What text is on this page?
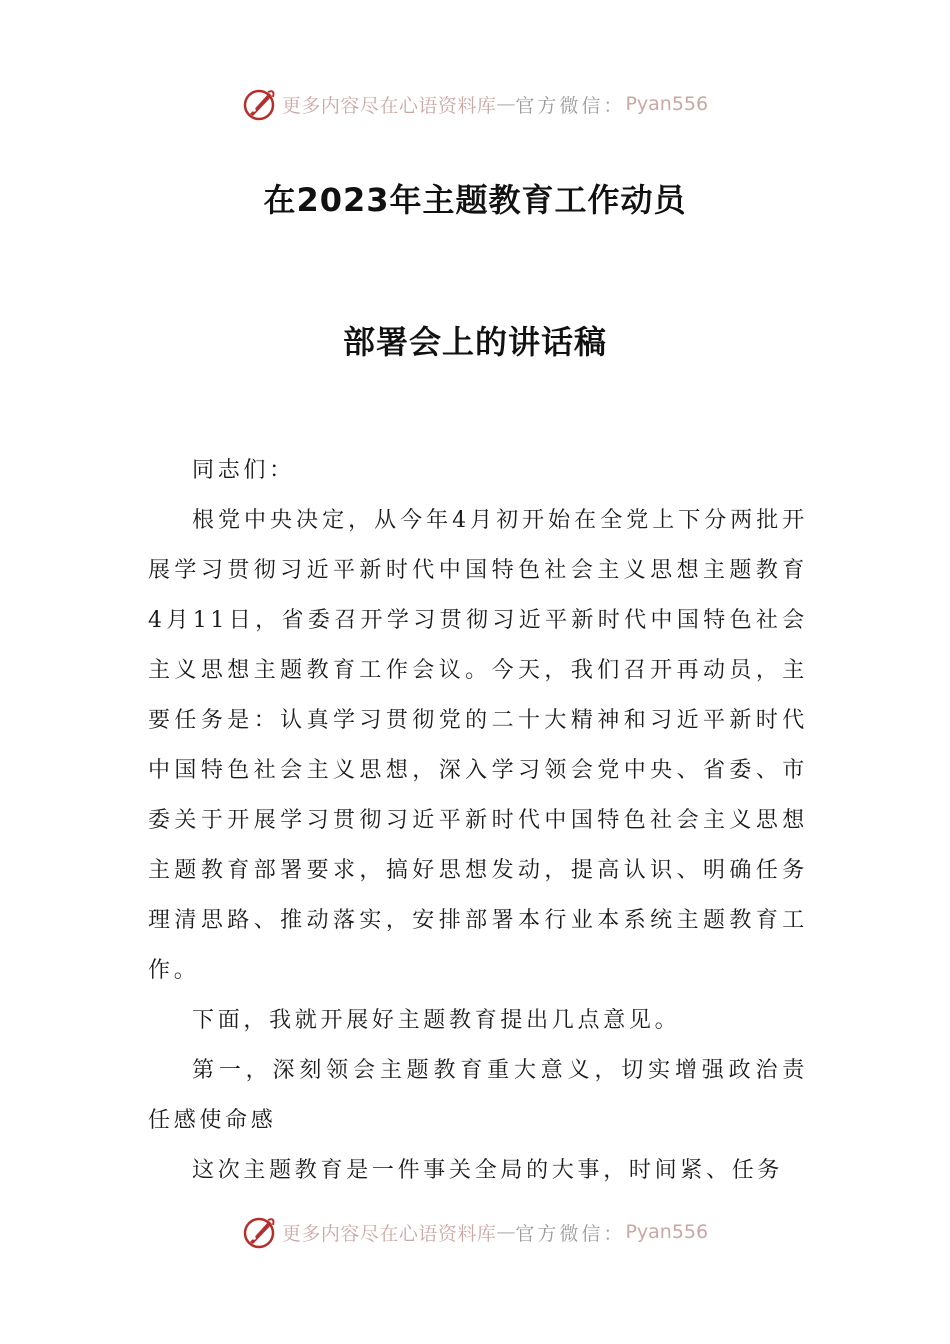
更多内容尽在心语资料库 — 官方微信： Pyan556
在2023年主题教育工作动员
部署会上的讲话稿

同志们：

根党中央决定，从今年4月初开始在全党上下分两批开展学习贯彻习近平新时代中国特色社会主义思想主题教育4月11日，省委召开学习贯彻习近平新时代中国特色社会主义思想主题教育工作会议。今天，我们召开再动员，主要任务是：认真学习贯彻党的二十大精神和习近平新时代中国特色社会主义思想，深入学习领会党中央、省委、市委关于开展学习贯彻习近平新时代中国特色社会主义思想主题教育部署要求，搞好思想发动，提高认识、明确任务理清思路、推动落实，安排部署本行业本系统主题教育工作。

下面，我就开展好主题教育提出几点意见。

第一，深刻领会主题教育重大意义，切实增强政治责任感使命感

这次主题教育是一件事关全局的大事，时间紧、任务

更多内容尽在心语资料库 — 官方微信： Pyan556
